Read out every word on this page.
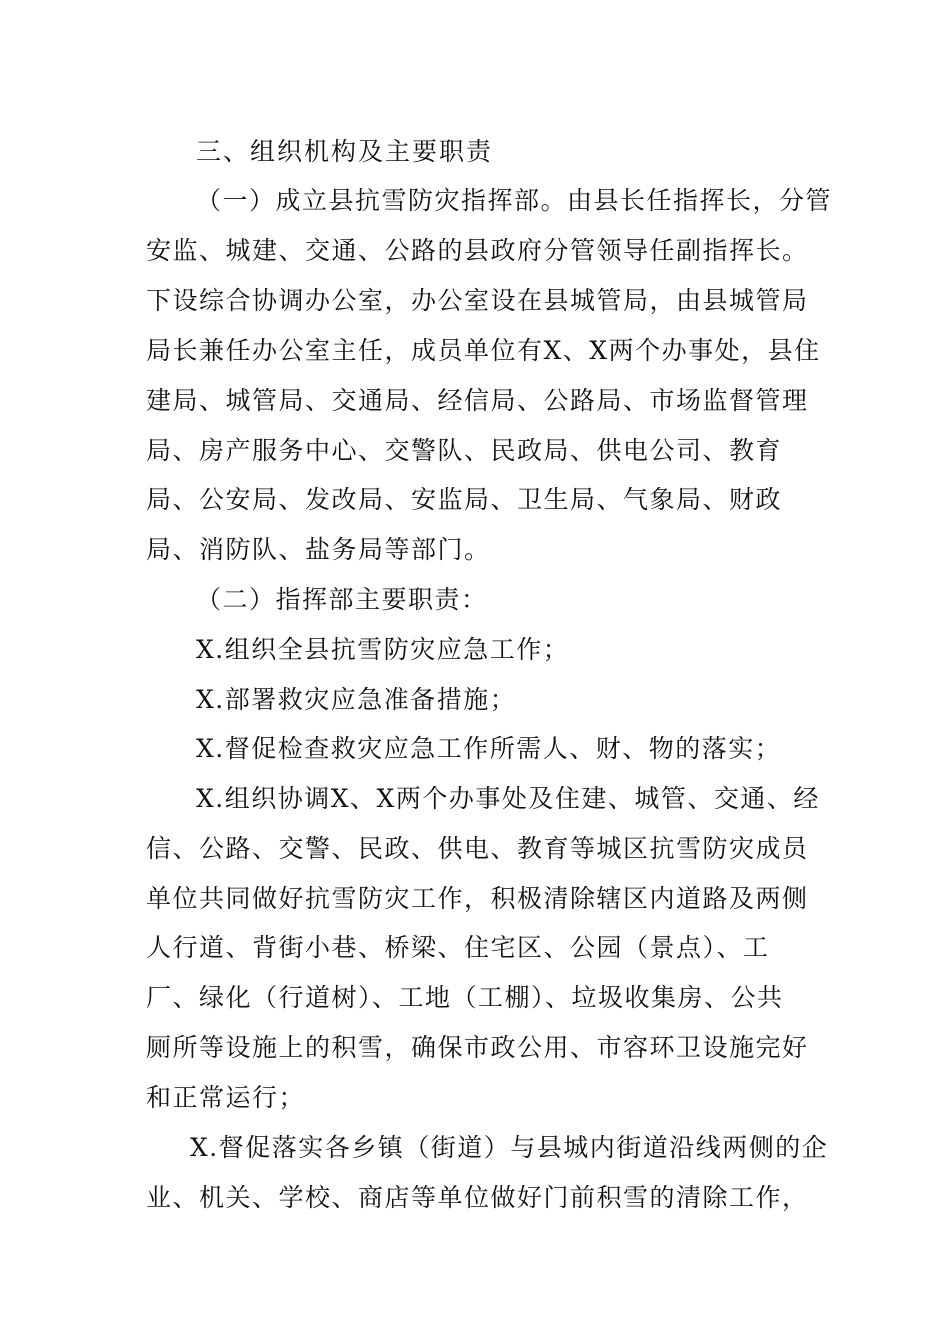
三、组织机构及主要职责
（一）成立县抗雪防灾指挥部。由县长任指挥长，分管
安监、城建、交通、公路的县政府分管领导任副指挥长。
下设综合协调办公室，办公室设在县城管局，由县城管局
局长兼任办公室主任，成员单位有X、X两个办事处，县住
建局、城管局、交通局、经信局、公路局、市场监督管理
局、房产服务中心、交警队、民政局、供电公司、教育
局、公安局、发改局、安监局、卫生局、气象局、财政
局、消防队、盐务局等部门。
（二）指挥部主要职责：
X.组织全县抗雪防灾应急工作；
X.部署救灾应急准备措施；
X.督促检查救灾应急工作所需人、财、物的落实；
X.组织协调X、X两个办事处及住建、城管、交通、经
信、公路、交警、民政、供电、教育等城区抗雪防灾成员
单位共同做好抗雪防灾工作，积极清除辖区内道路及两侧
人行道、背街小巷、桥梁、住宅区、公园（景点）、工
厂、绿化（行道树）、工地（工棚）、垃圾收集房、公共
厕所等设施上的积雪，确保市政公用、市容环卫设施完好
和正常运行；
X.督促落实各乡镇（街道）与县城内街道沿线两侧的企
业、机关、学校、商店等单位做好门前积雪的清除工作，
